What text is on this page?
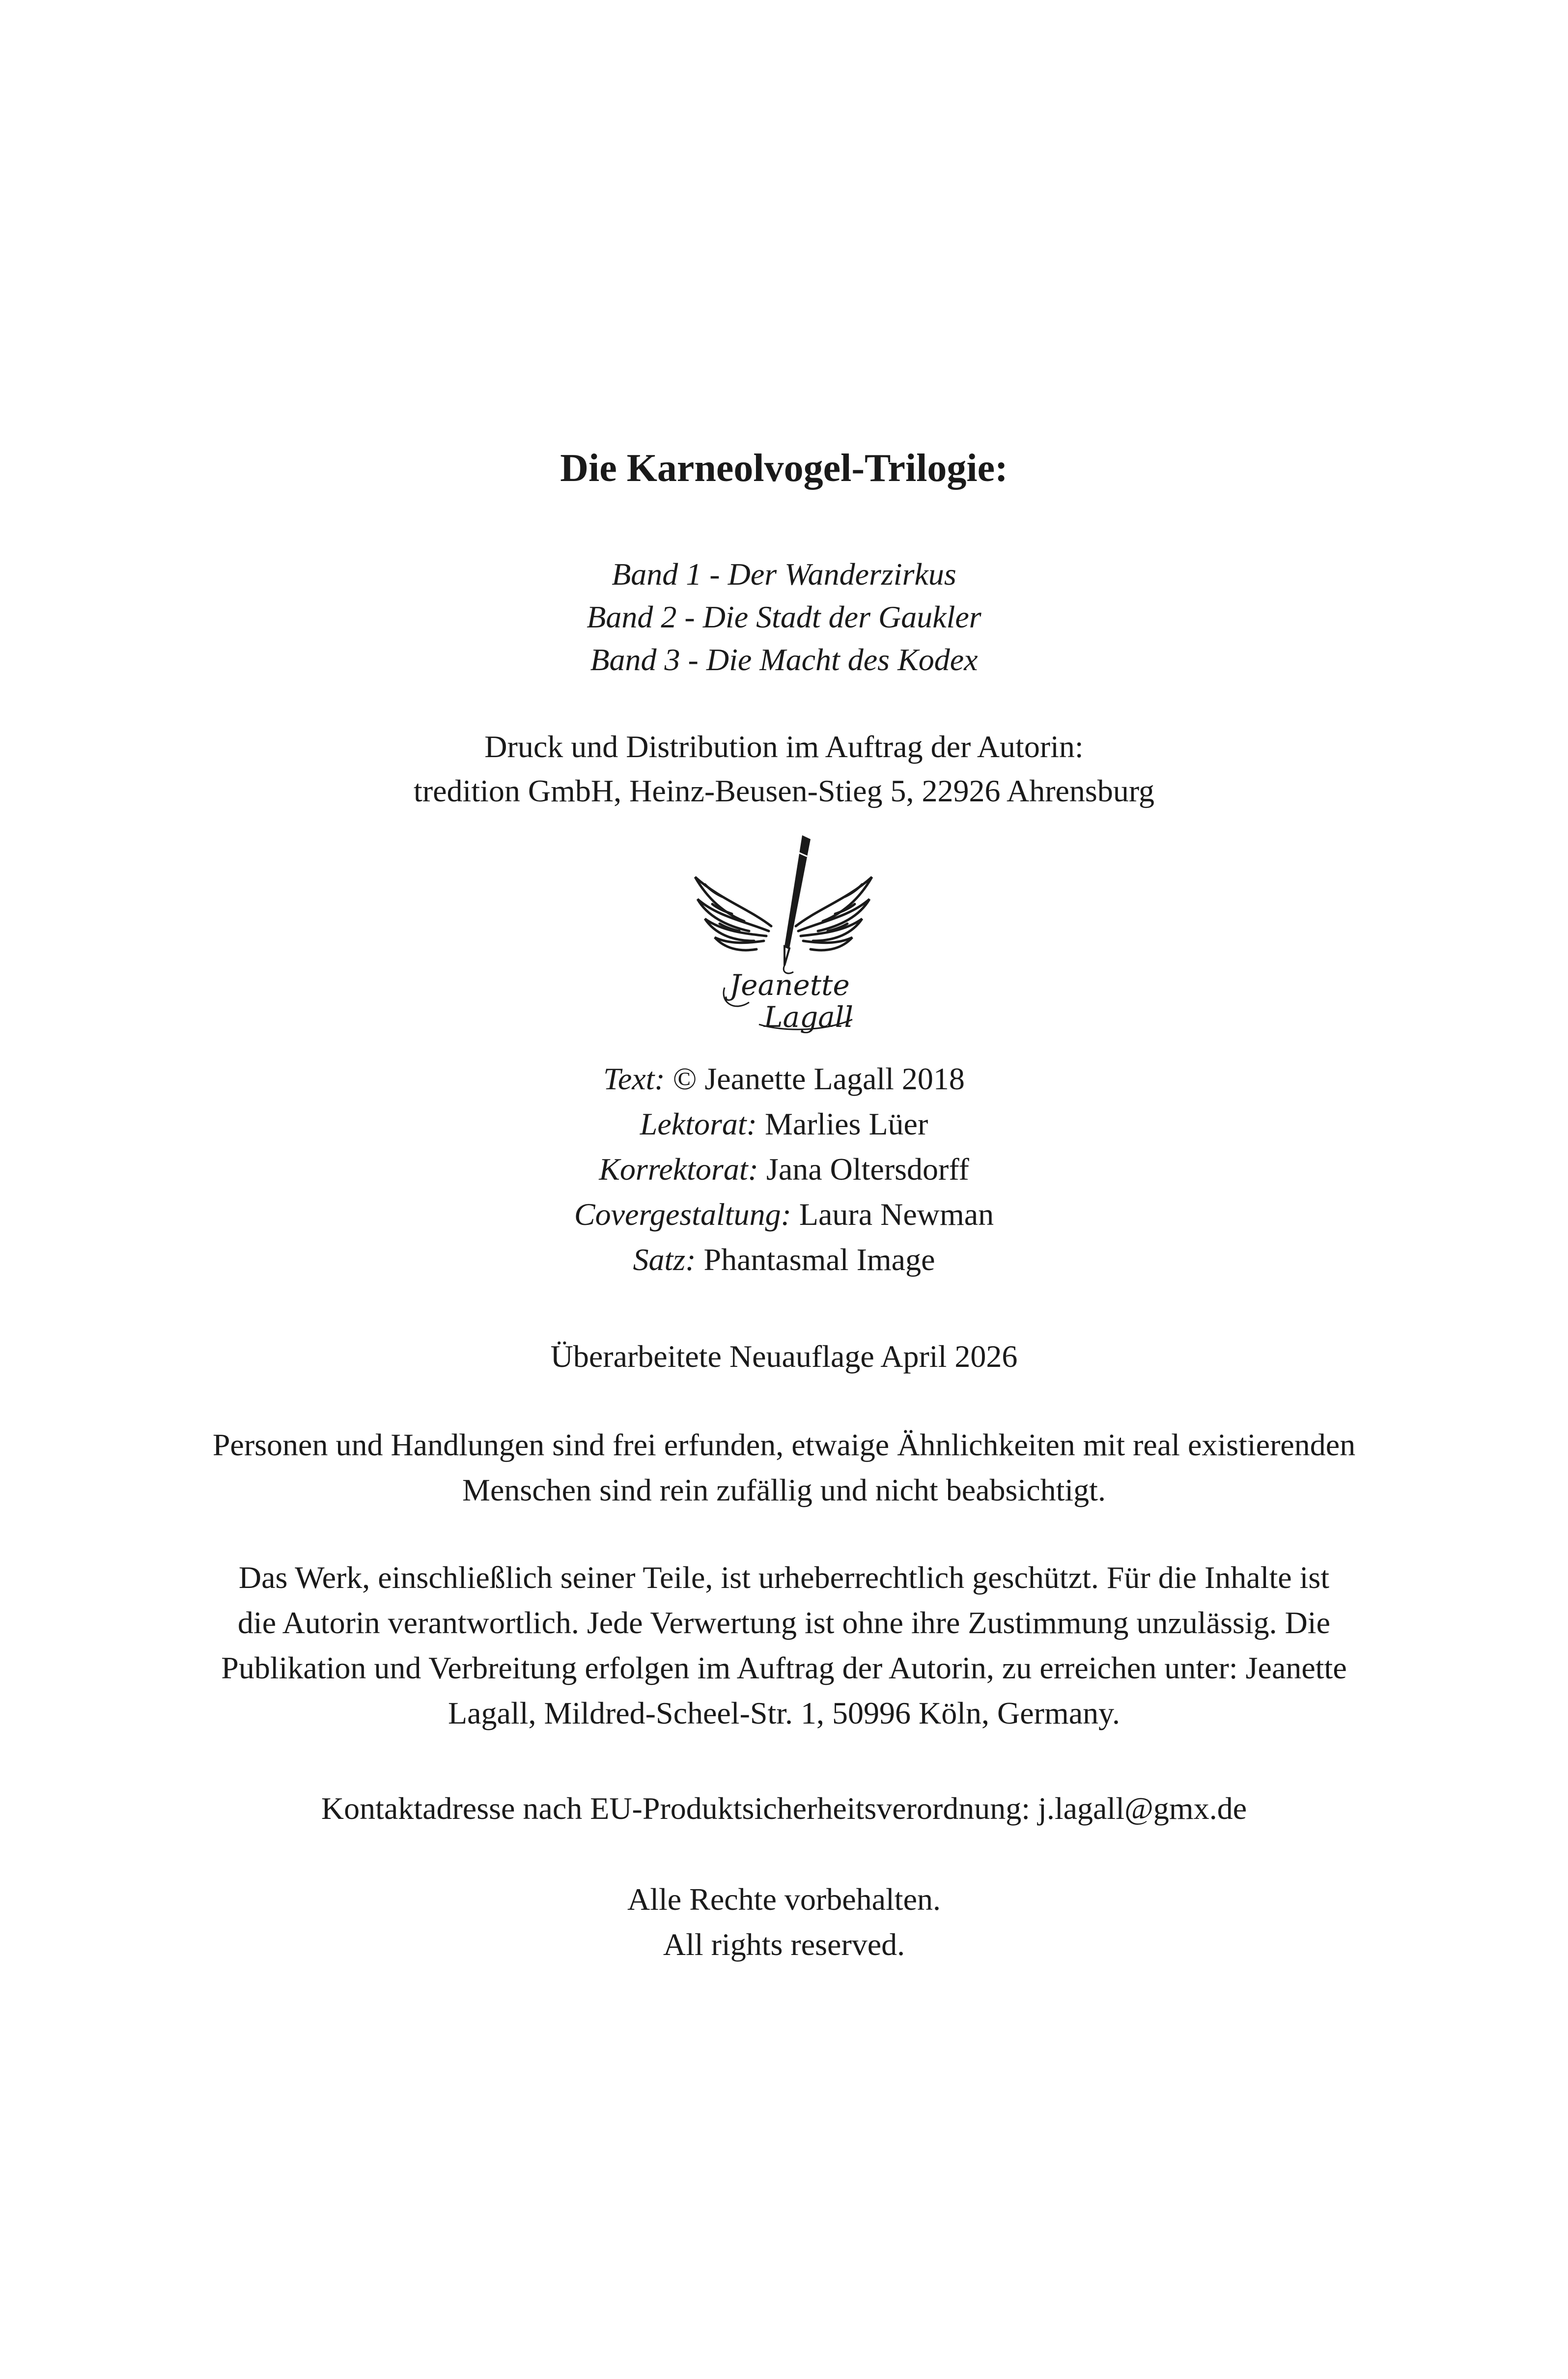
Die Karneolvogel-Trilogie:
Band 1 - Der Wanderzirkus
Band 2 - Die Stadt der Gaukler
Band 3 - Die Macht des Kodex
Druck und Distribution im Auftrag der Autorin:
tredition GmbH, Heinz-Beusen-Stieg 5, 22926 Ahrensburg
Jeanette
Lagall
Text: © Jeanette Lagall 2018
Lektorat: Marlies Lüer
Korrektorat: Jana Oltersdorff
Covergestaltung: Laura Newman
Satz: Phantasmal Image
Überarbeitete Neuauflage April 2026
Personen und Handlungen sind frei erfunden, etwaige Ähnlichkeiten mit real existierenden
Menschen sind rein zufällig und nicht beabsichtigt.
Das Werk, einschließlich seiner Teile, ist urheberrechtlich geschützt. Für die Inhalte ist
die Autorin verantwortlich. Jede Verwertung ist ohne ihre Zustimmung unzulässig. Die
Publikation und Verbreitung erfolgen im Auftrag der Autorin, zu erreichen unter: Jeanette
Lagall, Mildred-Scheel-Str. 1, 50996 Köln, Germany.
Kontaktadresse nach EU-Produktsicherheitsverordnung: j.lagall@gmx.de
Alle Rechte vorbehalten.
All rights reserved.
